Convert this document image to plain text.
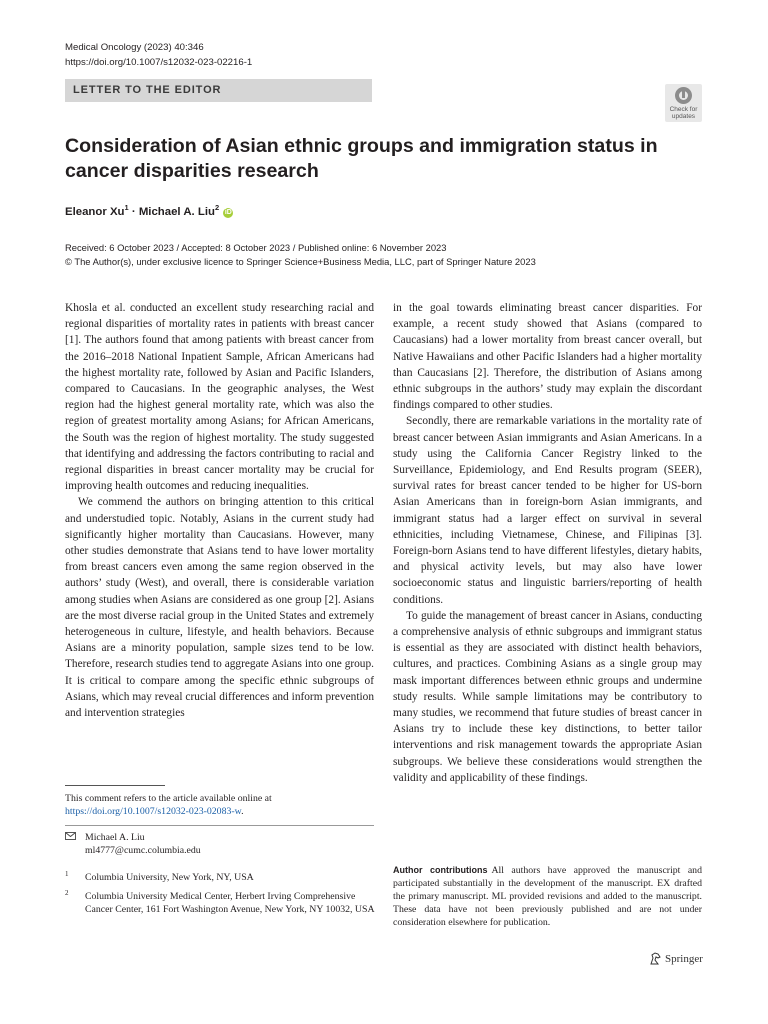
Medical Oncology (2023) 40:346
https://doi.org/10.1007/s12032-023-02216-1
LETTER TO THE EDITOR
Check for
updates
Consideration of Asian ethnic groups and immigration status in cancer disparities research
Eleanor $Xu^1$ · Michael A. Liu$^2$ iD
Received: 6 October 2023 / Accepted: 8 October 2023 / Published online: 6 November 2023
© The Author(s), under exclusive licence to Springer Science+Business Media, LLC, part of Springer Nature 2023

Khosla et al. conducted an excellent study researching racial and regional disparities of mortality rates in patients with breast cancer [1]. The authors found that among patients with breast cancer from the 2016–2018 National Inpatient Sample, African Americans had the highest mortality rate, followed by Asian and Pacific Islanders, compared to Caucasians. In the geographic analyses, the West region had the highest general mortality rate, which was also the region of greatest mortality among Asians; for African Americans, the South was the region of highest mortality. The study suggested that identifying and addressing the factors contributing to racial and regional disparities in breast cancer mortality may be crucial for improving health outcomes and reducing inequalities.

We commend the authors on bringing attention to this critical and understudied topic. Notably, Asians in the current study had significantly higher mortality than Caucasians. However, many other studies demonstrate that Asians tend to have lower mortality from breast cancers even among the same region observed in the authors’ study (West), and overall, there is considerable variation among studies when Asians are considered as one group [2]. Asians are the most diverse racial group in the United States and extremely heterogeneous in culture, lifestyle, and health behaviors. Because Asians are a minority population, sample sizes tend to be low. Therefore, research studies tend to aggregate Asians into one group. It is critical to compare among the specific ethnic subgroups of Asians, which may reveal crucial differences and inform prevention and intervention strategies

in the goal towards eliminating breast cancer disparities. For example, a recent study showed that Asians (compared to Caucasians) had a lower mortality from breast cancer overall, but Native Hawaiians and other Pacific Islanders had a higher mortality than Caucasians [2]. Therefore, the distribution of Asians among ethnic subgroups in the authors’ study may explain the discordant findings compared to other studies.

Secondly, there are remarkable variations in the mortality rate of breast cancer between Asian immigrants and Asian Americans. In a study using the California Cancer Registry linked to the Surveillance, Epidemiology, and End Results program (SEER), survival rates for breast cancer tended to be higher for US-born Asian Americans than in foreign-born Asian immigrants, and immigrant status had a larger effect on survival in several ethnicities, including Vietnamese, Chinese, and Filipinas [3]. Foreign-born Asians tend to have different lifestyles, dietary habits, and physical activity levels, but may also have lower socioeconomic status and linguistic barriers/reporting of health conditions.

To guide the management of breast cancer in Asians, conducting a comprehensive analysis of ethnic subgroups and immigrant status is essential as they are associated with distinct health behaviors, cultures, and practices. Combining Asians as a single group may mask important differences between ethnic groups and undermine study results. While sample limitations may be contributory to many studies, we recommend that future studies of breast cancer in Asians try to include these key distinctions, to better tailor interventions and risk management towards the appropriate Asian subgroups. We believe these considerations would strengthen the validity and applicability of these findings.

This comment refers to the article available online at https://doi.org/10.1007/s12032-023-02083-w.
Michael A. Liu
ml4777@cumc.columbia.edu
1 Columbia University, New York, NY, USA
2 Columbia University Medical Center, Herbert Irving Comprehensive Cancer Center, 161 Fort Washington Avenue, New York, NY 10032, USA
Author contributions All authors have approved the manuscript and participated substantially in the development of the manuscript. EX drafted the primary manuscript. ML provided revisions and added to the manuscript. These data have not been previously published and are not under consideration elsewhere for publication.
Springer
